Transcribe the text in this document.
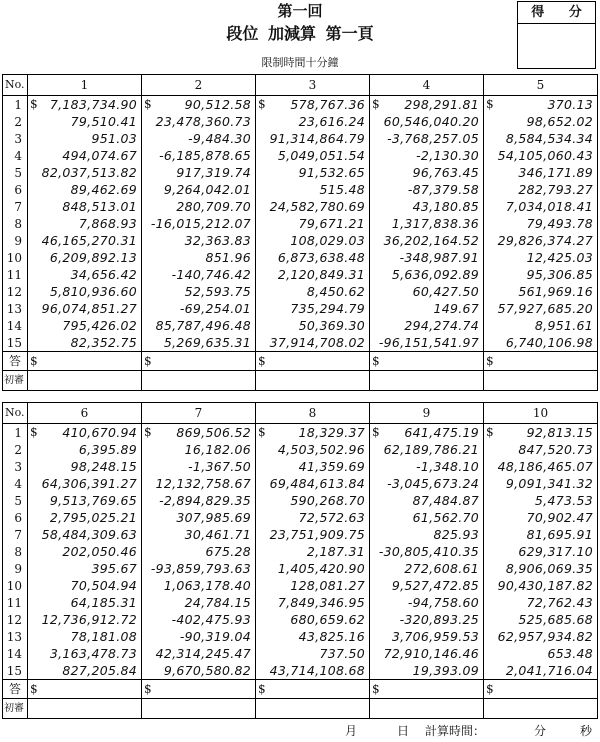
第一回
段位 加減算 第一頁
限制時間十分鐘
得 分
No.	1	2	3	4	5
1	$ 7,183,734.90	$ 90,512.58	$ 578,767.36	$ 298,291.81	$ 370.13
2	79,510.41	23,478,360.73	23,616.24	60,546,040.20	98,652.02
3	951.03	-9,484.30	91,314,864.79	-3,768,257.05	8,584,534.34
4	494,074.67	-6,185,878.65	5,049,051.54	-2,130.30	54,105,060.43
5	82,037,513.82	917,319.74	91,532.65	96,763.45	346,171.89
6	89,462.69	9,264,042.01	515.48	-87,379.58	282,793.27
7	848,513.01	280,709.70	24,582,780.69	43,180.85	7,034,018.41
8	7,868.93	-16,015,212.07	79,671.21	1,317,838.36	79,493.78
9	46,165,270.31	32,363.83	108,029.03	36,202,164.52	29,826,374.27
10	6,209,892.13	851.96	6,873,638.48	-348,987.91	12,425.03
11	34,656.42	-140,746.42	2,120,849.31	5,636,092.89	95,306.85
12	5,810,936.60	52,593.75	8,450.62	60,427.50	561,969.16
13	96,074,851.27	-69,254.01	735,294.79	149.67	57,927,685.20
14	795,426.02	85,787,496.48	50,369.30	294,274.74	8,951.61
15	82,352.75	5,269,635.31	37,914,708.02	-96,151,541.97	6,740,106.98
答	$	$	$	$	$

初審					
No.	6	7	8	9	10
1	$ 410,670.94	$ 869,506.52	$ 18,329.37	$ 641,475.19	$ 92,813.15
2	6,395.89	16,182.06	4,503,502.96	62,189,786.21	847,520.73
3	98,248.15	-1,367.50	41,359.69	-1,348.10	48,186,465.07
4	64,306,391.27	12,132,758.67	69,484,613.84	-3,045,673.24	9,091,341.32
5	9,513,769.65	-2,894,829.35	590,268.70	87,484.87	5,473.53
6	2,795,025.21	307,985.69	72,572.63	61,562.70	70,902.47
7	58,484,309.63	30,461.71	23,751,909.75	825.93	81,695.91
8	202,050.46	675.28	2,187.31	-30,805,410.35	629,317.10
9	395.67	-93,859,793.63	1,405,420.90	272,608.61	8,906,069.35
10	70,504.94	1,063,178.40	128,081.27	9,527,472.85	90,430,187.82
11	64,185.31	24,784.15	7,849,346.95	-94,758.60	72,762.43
12	12,736,912.72	-402,475.93	680,659.62	-320,893.25	525,685.68
13	78,181.08	-90,319.04	43,825.16	3,706,959.53	62,957,934.82
14	3,163,478.73	42,314,245.47	737.50	72,910,146.46	653.48
15	827,205.84	9,670,580.82	43,714,108.68	19,393.09	2,041,716.04
答	$	$	$	$	$

初審					
月	日 計算時間：	分	秒
